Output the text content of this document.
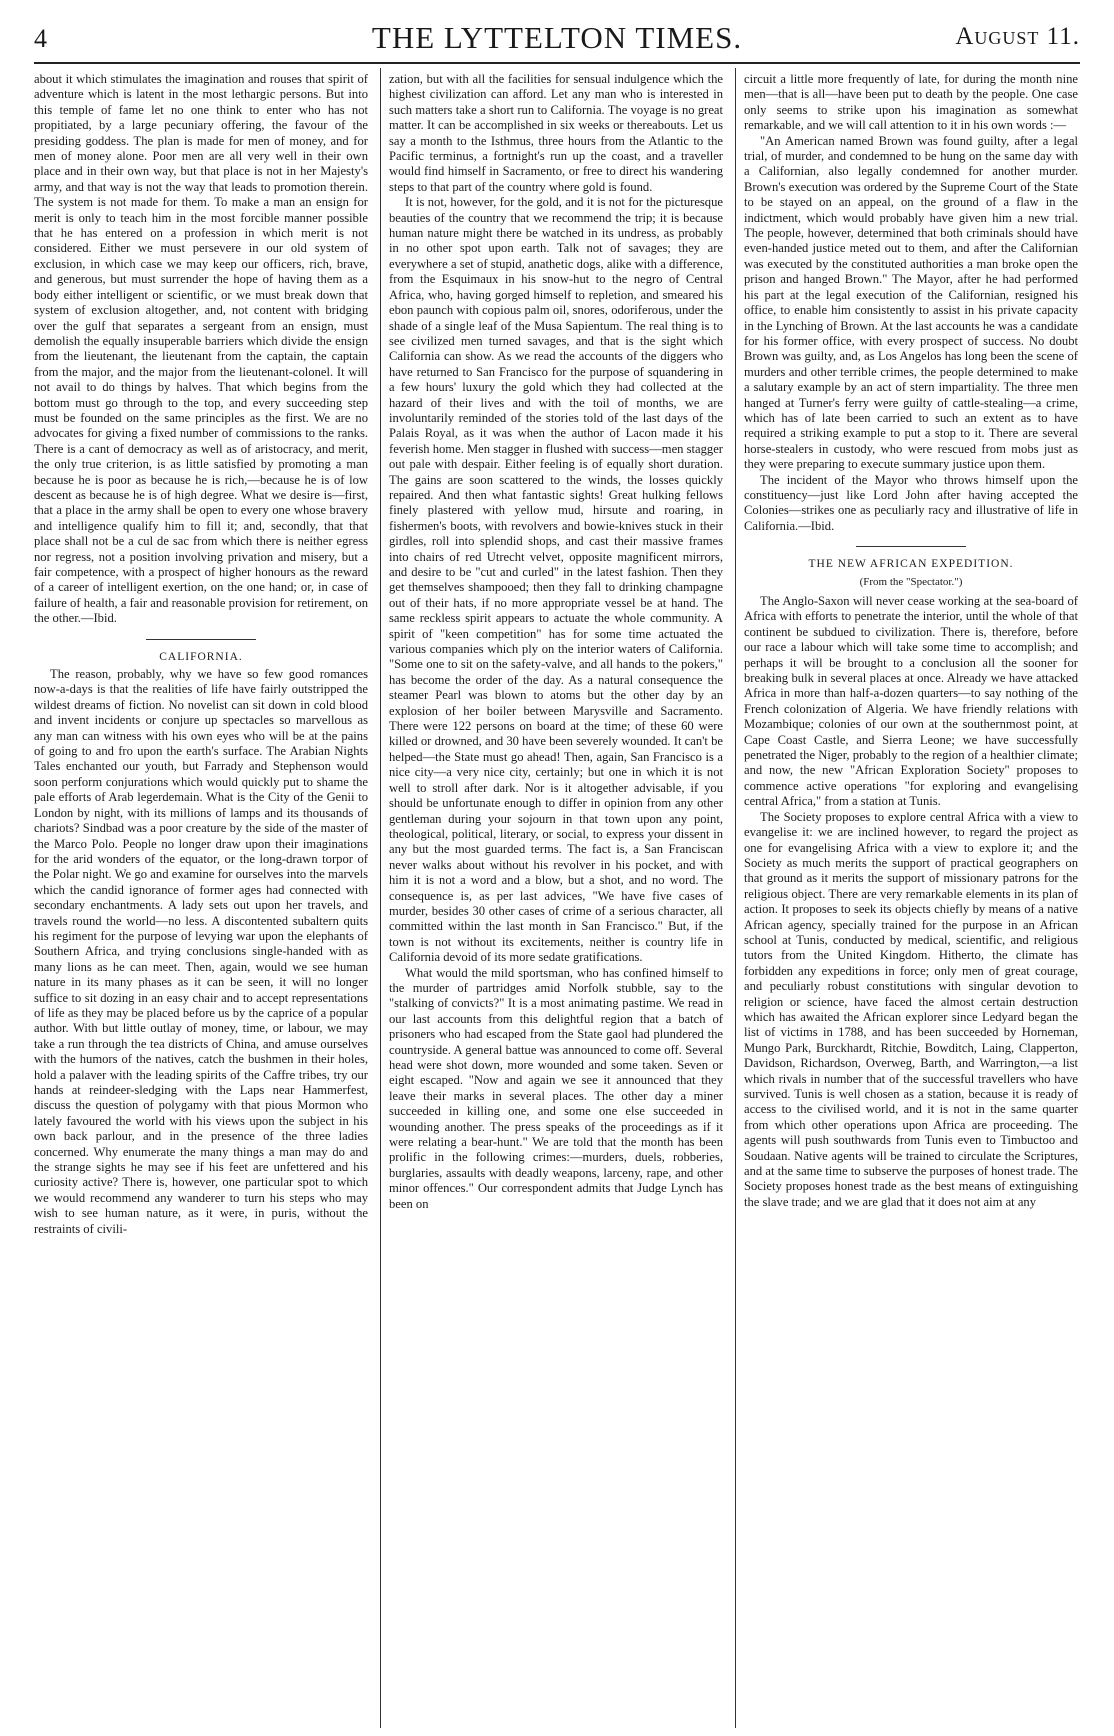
4	THE LYTTELTON TIMES.	August 11.

about it which stimulates the imagination and rouses that spirit of adventure which is latent in the most lethargic persons. But into this temple of fame let no one think to enter who has not propitiated, by a large pecuniary offering, the favour of the presiding goddess. The plan is made for men of money, and for men of money alone. Poor men are all very well in their own place and in their own way, but that place is not in her Majesty's army, and that way is not the way that leads to promotion therein. The system is not made for them. To make a man an ensign for merit is only to teach him in the most forcible manner possible that he has entered on a profession in which merit is not considered. Either we must persevere in our old system of exclusion, in which case we may keep our officers, rich, brave, and generous, but must surrender the hope of having them as a body either intelligent or scientific, or we must break down that system of exclusion altogether, and, not content with bridging over the gulf that separates a sergeant from an ensign, must demolish the equally insuperable barriers which divide the ensign from the lieutenant, the lieutenant from the captain, the captain from the major, and the major from the lieutenant-colonel. It will not avail to do things by halves. That which begins from the bottom must go through to the top, and every succeeding step must be founded on the same principles as the first. We are no advocates for giving a fixed number of commissions to the ranks. There is a cant of democracy as well as of aristocracy, and merit, the only true criterion, is as little satisfied by promoting a man because he is poor as because he is rich,—because he is of low descent as because he is of high degree. What we desire is—first, that a place in the army shall be open to every one whose bravery and intelligence qualify him to fill it; and, secondly, that that place shall not be a cul de sac from which there is neither egress nor regress, not a position involving privation and misery, but a fair competence, with a prospect of higher honours as the reward of a career of intelligent exertion, on the one hand; or, in case of failure of health, a fair and reasonable provision for retirement, on the other.—Ibid.

CALIFORNIA.

The reason, probably, why we have so few good romances now-a-days is that the realities of life have fairly outstripped the wildest dreams of fiction. No novelist can sit down in cold blood and invent incidents or conjure up spectacles so marvellous as any man can witness with his own eyes who will be at the pains of going to and fro upon the earth's surface. The Arabian Nights Tales enchanted our youth, but Farrady and Stephenson would soon perform conjurations which would quickly put to shame the pale efforts of Arab legerdemain. What is the City of the Genii to London by night, with its millions of lamps and its thousands of chariots? Sindbad was a poor creature by the side of the master of the Marco Polo. People no longer draw upon their imaginations for the arid wonders of the equator, or the long-drawn torpor of the Polar night. We go and examine for ourselves into the marvels which the candid ignorance of former ages had connected with secondary enchantments. A lady sets out upon her travels, and travels round the world—no less. A discontented subaltern quits his regiment for the purpose of levying war upon the elephants of Southern Africa, and trying conclusions single-handed with as many lions as he can meet. Then, again, would we see human nature in its many phases as it can be seen, it will no longer suffice to sit dozing in an easy chair and to accept representations of life as they may be placed before us by the caprice of a popular author. With but little outlay of money, time, or labour, we may take a run through the tea districts of China, and amuse ourselves with the humors of the natives, catch the bushmen in their holes, hold a palaver with the leading spirits of the Caffre tribes, try our hands at reindeer-sledging with the Laps near Hammerfest, discuss the question of polygamy with that pious Mormon who lately favoured the world with his views upon the subject in his own back parlour, and in the presence of the three ladies concerned. Why enumerate the many things a man may do and the strange sights he may see if his feet are unfettered and his curiosity active? There is, however, one particular spot to which we would recommend any wanderer to turn his steps who may wish to see human nature, as it were, in puris, without the restraints of civili-

zation, but with all the facilities for sensual indulgence which the highest civilization can afford. Let any man who is interested in such matters take a short run to California. The voyage is no great matter. It can be accomplished in six weeks or thereabouts. Let us say a month to the Isthmus, three hours from the Atlantic to the Pacific terminus, a fortnight's run up the coast, and a traveller would find himself in Sacramento, or free to direct his wandering steps to that part of the country where gold is found.

It is not, however, for the gold, and it is not for the picturesque beauties of the country that we recommend the trip; it is because human nature might there be watched in its undress, as probably in no other spot upon earth. Talk not of savages; they are everywhere a set of stupid, anathetic dogs, alike with a difference, from the Esquimaux in his snow-hut to the negro of Central Africa, who, having gorged himself to repletion, and smeared his ebon paunch with copious palm oil, snores, odoriferous, under the shade of a single leaf of the Musa Sapientum. The real thing is to see civilized men turned savages, and that is the sight which California can show. As we read the accounts of the diggers who have returned to San Francisco for the purpose of squandering in a few hours' luxury the gold which they had collected at the hazard of their lives and with the toil of months, we are involuntarily reminded of the stories told of the last days of the Palais Royal, as it was when the author of Lacon made it his feverish home. Men stagger in flushed with success—men stagger out pale with despair. Either feeling is of equally short duration. The gains are soon scattered to the winds, the losses quickly repaired. And then what fantastic sights! Great hulking fellows finely plastered with yellow mud, hirsute and roaring, in fishermen's boots, with revolvers and bowie-knives stuck in their girdles, roll into splendid shops, and cast their massive frames into chairs of red Utrecht velvet, opposite magnificent mirrors, and desire to be "cut and curled" in the latest fashion. Then they get themselves shampooed; then they fall to drinking champagne out of their hats, if no more appropriate vessel be at hand. The same reckless spirit appears to actuate the whole community. A spirit of "keen competition" has for some time actuated the various companies which ply on the interior waters of California. "Some one to sit on the safety-valve, and all hands to the pokers," has become the order of the day. As a natural consequence the steamer Pearl was blown to atoms but the other day by an explosion of her boiler between Marysville and Sacramento. There were 122 persons on board at the time; of these 60 were killed or drowned, and 30 have been severely wounded. It can't be helped—the State must go ahead! Then, again, San Francisco is a nice city—a very nice city, certainly; but one in which it is not well to stroll after dark. Nor is it altogether advisable, if you should be unfortunate enough to differ in opinion from any other gentleman during your sojourn in that town upon any point, theological, political, literary, or social, to express your dissent in any but the most guarded terms. The fact is, a San Franciscan never walks about without his revolver in his pocket, and with him it is not a word and a blow, but a shot, and no word. The consequence is, as per last advices, "We have five cases of murder, besides 30 other cases of crime of a serious character, all committed within the last month in San Francisco." But, if the town is not without its excitements, neither is country life in California devoid of its more sedate gratifications.

What would the mild sportsman, who has confined himself to the murder of partridges amid Norfolk stubble, say to the "stalking of convicts?" It is a most animating pastime. We read in our last accounts from this delightful region that a batch of prisoners who had escaped from the State gaol had plundered the countryside. A general battue was announced to come off. Several head were shot down, more wounded and some taken. Seven or eight escaped. "Now and again we see it announced that they leave their marks in several places. The other day a miner succeeded in killing one, and some one else succeeded in wounding another. The press speaks of the proceedings as if it were relating a bear-hunt." We are told that the month has been prolific in the following crimes:—murders, duels, robberies, burglaries, assaults with deadly weapons, larceny, rape, and other minor offences." Our correspondent admits that Judge Lynch has been on

circuit a little more frequently of late, for during the month nine men—that is all—have been put to death by the people. One case only seems to strike upon his imagination as somewhat remarkable, and we will call attention to it in his own words :—

"An American named Brown was found guilty, after a legal trial, of murder, and condemned to be hung on the same day with a Californian, also legally condemned for another murder. Brown's execution was ordered by the Supreme Court of the State to be stayed on an appeal, on the ground of a flaw in the indictment, which would probably have given him a new trial. The people, however, determined that both criminals should have even-handed justice meted out to them, and after the Californian was executed by the constituted authorities a man broke open the prison and hanged Brown." The Mayor, after he had performed his part at the legal execution of the Californian, resigned his office, to enable him consistently to assist in his private capacity in the Lynching of Brown. At the last accounts he was a candidate for his former office, with every prospect of success. No doubt Brown was guilty, and, as Los Angelos has long been the scene of murders and other terrible crimes, the people determined to make a salutary example by an act of stern impartiality. The three men hanged at Turner's ferry were guilty of cattle-stealing—a crime, which has of late been carried to such an extent as to have required a striking example to put a stop to it. There are several horse-stealers in custody, who were rescued from mobs just as they were preparing to execute summary justice upon them.

The incident of the Mayor who throws himself upon the constituency—just like Lord John after having accepted the Colonies—strikes one as peculiarly racy and illustrative of life in California.—Ibid.

THE NEW AFRICAN EXPEDITION.
(From the "Spectator.")

The Anglo-Saxon will never cease working at the sea-board of Africa with efforts to penetrate the interior, until the whole of that continent be subdued to civilization. There is, therefore, before our race a labour which will take some time to accomplish; and perhaps it will be brought to a conclusion all the sooner for breaking bulk in several places at once. Already we have attacked Africa in more than half-a-dozen quarters—to say nothing of the French colonization of Algeria. We have friendly relations with Mozambique; colonies of our own at the southernmost point, at Cape Coast Castle, and Sierra Leone; we have successfully penetrated the Niger, probably to the region of a healthier climate; and now, the new "African Exploration Society" proposes to commence active operations "for exploring and evangelising central Africa," from a station at Tunis.

The Society proposes to explore central Africa with a view to evangelise it: we are inclined however, to regard the project as one for evangelising Africa with a view to explore it; and the Society as much merits the support of practical geographers on that ground as it merits the support of missionary patrons for the religious object. There are very remarkable elements in its plan of action. It proposes to seek its objects chiefly by means of a native African agency, specially trained for the purpose in an African school at Tunis, conducted by medical, scientific, and religious tutors from the United Kingdom. Hitherto, the climate has forbidden any expeditions in force; only men of great courage, and peculiarly robust constitutions with singular devotion to religion or science, have faced the almost certain destruction which has awaited the African explorer since Ledyard began the list of victims in 1788, and has been succeeded by Horneman, Mungo Park, Burckhardt, Ritchie, Bowditch, Laing, Clapperton, Davidson, Richardson, Overweg, Barth, and Warrington,—a list which rivals in number that of the successful travellers who have survived. Tunis is well chosen as a station, because it is ready of access to the civilised world, and it is not in the same quarter from which other operations upon Africa are proceeding. The agents will push southwards from Tunis even to Timbuctoo and Soudaan. Native agents will be trained to circulate the Scriptures, and at the same time to subserve the purposes of honest trade. The Society proposes honest trade as the best means of extinguishing the slave trade; and we are glad that it does not aim at any
